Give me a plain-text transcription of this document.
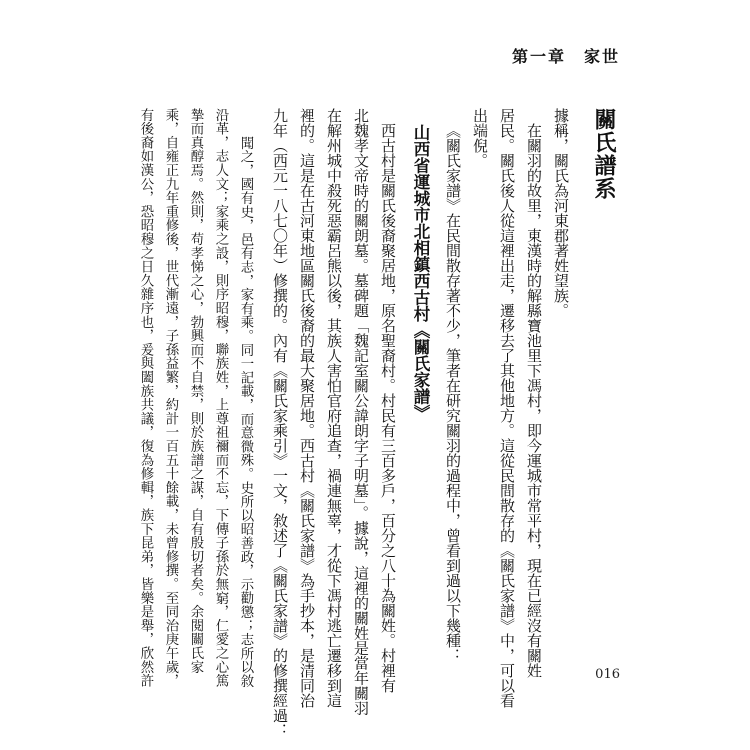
第一章　家世

關氏譜系

據稱，關氏為河東郡著姓望族。

在關羽的故里，東漢時的解縣寶池里下馮村，即今運城市常平村，現在已經沒有關姓

居民。關氏後人從這裡出走，遷移去了其他地方。這從民間散存的《關氏家譜》中，可以看

出端倪。

《關氏家譜》在民間散存著不少，筆者在研究關羽的過程中，曾看到過以下幾種：

山西省運城市北相鎮西古村《關氏家譜》

西古村是關氏後裔聚居地，原名聖裔村。村民有三百多戶，百分之八十為關姓。村裡有

北魏孝文帝時的關朗墓。墓碑題「魏記室關公諱朗字子明墓」。據說，這裡的關姓是當年關羽

在解州城中殺死惡霸呂熊以後，其族人害怕官府追查，禍連無辜，才從下馮村逃亡遷移到這

裡的。這是在古河東地區關氏後裔的最大聚居地。西古村《關氏家譜》為手抄本，是清同治

九年（西元一八七〇年）修撰的。內有《關氏家乘引》一文，敘述了《關氏家譜》的修撰經過：

聞之，國有史，邑有志，家有乘。同一記載，而意微殊。史所以昭善政，示勸懲；志所以敘

沿革，志人文；家乘之設，則序昭穆，聯族姓，上尊祖禰而不忘，下傳子孫於無窮，仁愛之心篤

摯而真醇焉。然則，苟孝悌之心，勃興而不自禁，則於族譜之謀，自有殷切者矣。余閱關氏家

乘，自雍正九年重修後，世代漸遠，子孫益繁，約計一百五十餘載，未曾修撰。至同治庚午歲，

有後裔如漢公，恐昭穆之日久雜序也，爰與闔族共議，復為修輯，族下昆弟，皆樂是舉，欣然許	016
